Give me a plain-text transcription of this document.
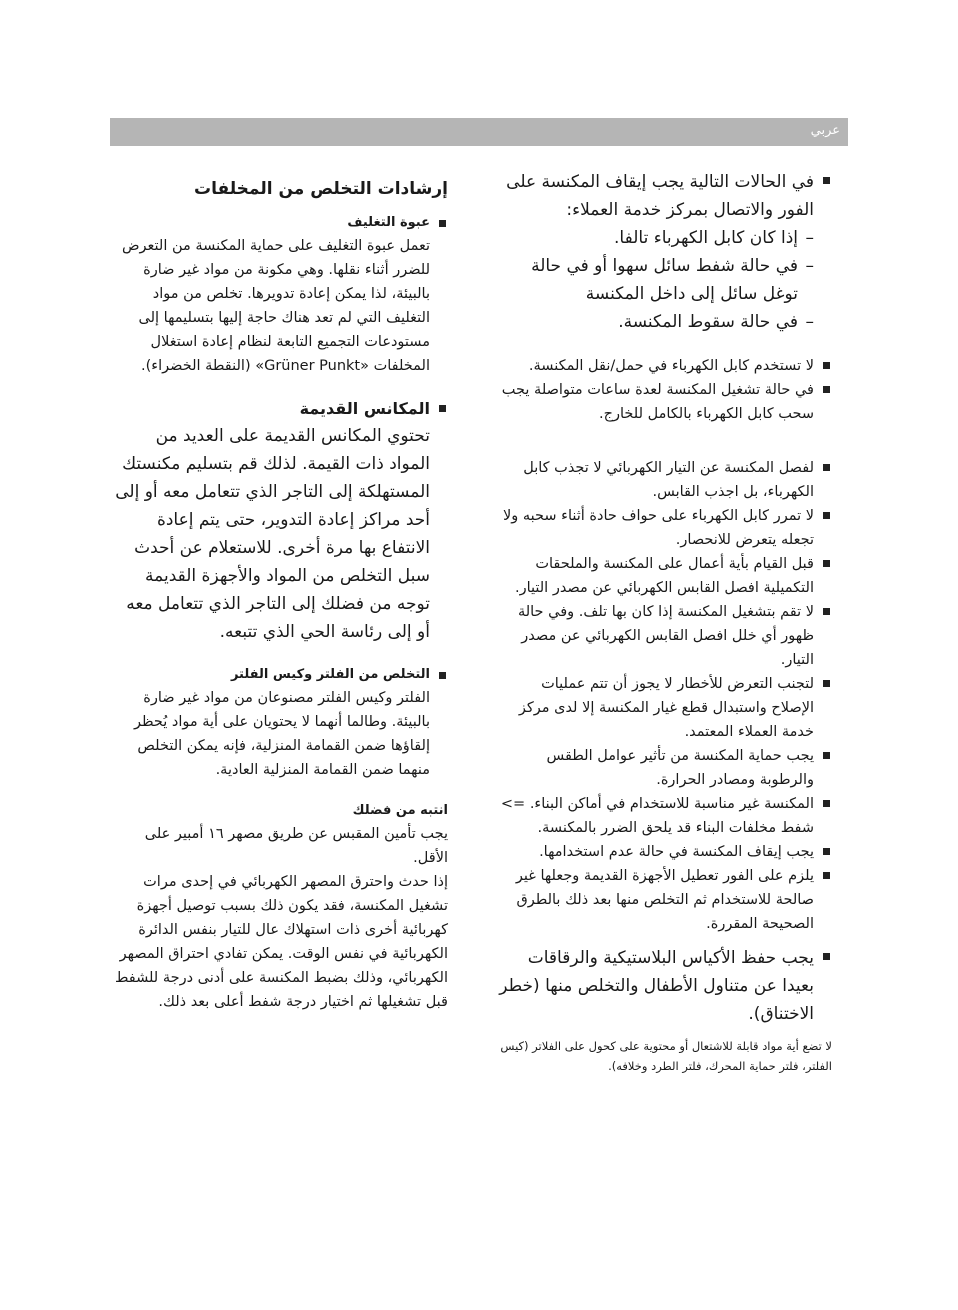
عربي

في الحالات التالية يجب إيقاف المكنسة على الفور والاتصال بمركز خدمة العملاء:

–
إذا كان كابل الكهرباء تالفا.
–
في حالة شفط سائل سهوا أو في حالة توغل سائل إلى داخل المكنسة
–
في حالة سقوط المكنسة.
لا تستخدم كابل الكهرباء في حمل/نقل المكنسة.
في حالة تشغيل المكنسة لعدة ساعات متواصلة يجب سحب كابل الكهرباء بالكامل للخارج.
لفصل المكنسة عن التيار الكهربائي لا تجذب كابل الكهرباء، بل اجذب القابس.
لا تمرر كابل الكهرباء على حواف حادة أثناء سحبه ولا تجعله يتعرض للانحصار.
قبل القيام بأية أعمال على المكنسة والملحقات التكميلية افصل القابس الكهربائي عن مصدر التيار.
لا تقم بتشغيل المكنسة إذا كان بها تلف. وفي حالة ظهور أي خلل افصل القابس الكهربائي عن مصدر التيار.
لتجنب التعرض للأخطار لا يجوز أن تتم عمليات الإصلاح واستبدال قطع غيار المكنسة إلا لدى مركز خدمة العملاء المعتمد.
يجب حماية المكنسة من تأثير عوامل الطقس والرطوبة ومصادر الحرارة.
المكنسة غير مناسبة للاستخدام في أماكن البناء. => شفط مخلفات البناء قد يلحق الضرر بالمكنسة.
يجب إيقاف المكنسة في حالة عدم استخدامها.
يلزم على الفور تعطيل الأجهزة القديمة وجعلها غير صالحة للاستخدام ثم التخلص منها بعد ذلك بالطرق الصحيحة المقررة.
يجب حفظ الأكياس البلاستيكية والرقاقات بعيدا عن متناول الأطفال والتخلص منها (خطر الاختناق).

لا تضع أية مواد قابلة للاشتعال أو محتوية على كحول على الفلاتر (كيس الفلتر، فلتر حماية المحرك، فلتر الطرد وخلافه).

إرشادات التخلص من المخلفات

عبوة التغليف

تعمل عبوة التغليف على حماية المكنسة من التعرض للضرر أثناء نقلها. وهي مكونة من مواد غير ضارة بالبيئة، لذا يمكن إعادة تدويرها. تخلص من مواد التغليف التي لم تعد هناك حاجة إليها بتسليمها إلى مستودعات التجميع التابعة لنظام إعادة استغلال المخلفات «Grüner Punkt» (النقطة الخضراء).

المكانس القديمة

تحتوي المكانس القديمة على العديد من المواد ذات القيمة. لذلك قم بتسليم مكنستك المستهلكة إلى التاجر الذي تتعامل معه أو إلى أحد مراكز إعادة التدوير، حتى يتم إعادة الانتفاع بها مرة أخرى. للاستعلام عن أحدث سبل التخلص من المواد والأجهزة القديمة توجه من فضلك إلى التاجر الذي تتعامل معه أو إلى رئاسة الحي الذي تتبعه.

التخلص من الفلتر وكيس الفلتر

الفلتر وكيس الفلتر مصنوعان من مواد غير ضارة بالبيئة. وطالما أنهما لا يحتويان على أية مواد يُحظر إلقاؤها ضمن القمامة المنزلية، فإنه يمكن التخلص منهما ضمن القمامة المنزلية العادية.

انتبه من فضلك

يجب تأمين المقبس عن طريق مصهر ١٦ أمبير على الأقل.

إذا حدث واحترق المصهر الكهربائي في إحدى مرات تشغيل المكنسة، فقد يكون ذلك بسبب توصيل أجهزة كهربائية أخرى ذات استهلاك عال للتيار بنفس الدائرة الكهربائية في نفس الوقت. يمكن تفادي احتراق المصهر الكهربائي، وذلك بضبط المكنسة على أدنى درجة للشفط قبل تشغيلها ثم اختيار درجة شفط أعلى بعد ذلك.
